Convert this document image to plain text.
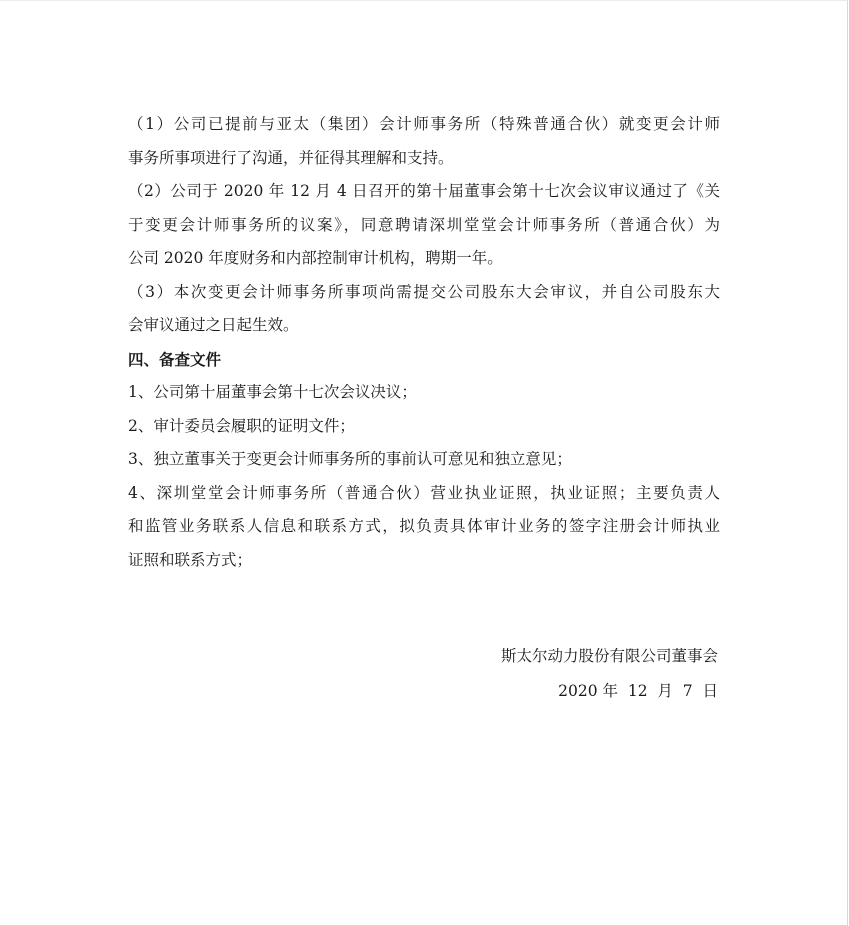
（1）公司已提前与亚太（集团）会计师事务所（特殊普通合伙）就变更会计师
事务所事项进行了沟通，并征得其理解和支持。
（2）公司于 2020 年 12 月 4 日召开的第十届董事会第十七次会议审议通过了《关
于变更会计师事务所的议案》，同意聘请深圳堂堂会计师事务所（普通合伙）为
公司 2020 年度财务和内部控制审计机构，聘期一年。
（3）本次变更会计师事务所事项尚需提交公司股东大会审议，并自公司股东大
会审议通过之日起生效。
四、备查文件
1、公司第十届董事会第十七次会议决议；
2、审计委员会履职的证明文件；
3、独立董事关于变更会计师事务所的事前认可意见和独立意见；
4、深圳堂堂会计师事务所（普通合伙）营业执业证照，执业证照；主要负责人
和监管业务联系人信息和联系方式，拟负责具体审计业务的签字注册会计师执业
证照和联系方式；
斯太尔动力股份有限公司董事会
2020 年  12  月  7  日
